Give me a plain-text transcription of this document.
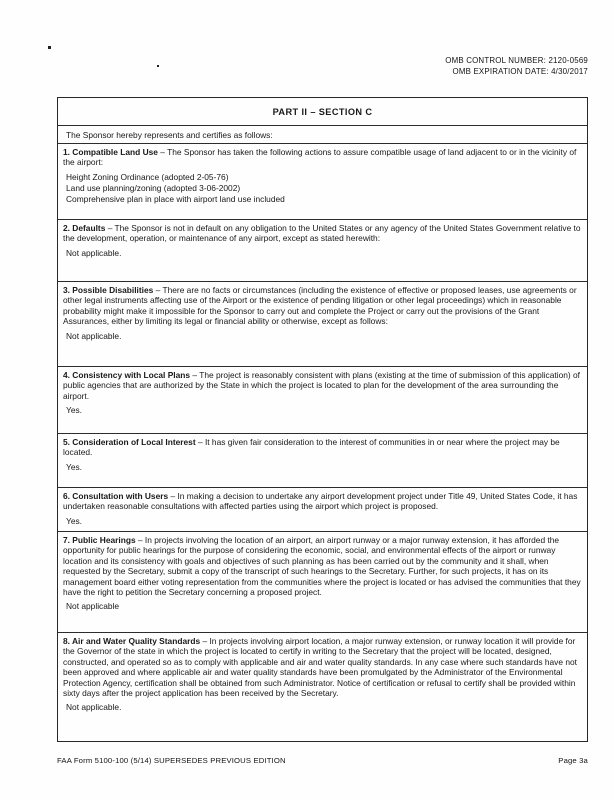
OMB CONTROL NUMBER: 2120-0569
OMB EXPIRATION DATE: 4/30/2017
PART II – SECTION C
The Sponsor hereby represents and certifies as follows:

1. Compatible Land Use – The Sponsor has taken the following actions to assure compatible usage of land adjacent to or in the vicinity of the airport:

Height Zoning Ordinance (adopted 2-05-76)
Land use planning/zoning (adopted 3-06-2002)
Comprehensive plan in place with airport land use included

2. Defaults – The Sponsor is not in default on any obligation to the United States or any agency of the United States Government relative to the development, operation, or maintenance of any airport, except as stated herewith:

Not applicable.

3. Possible Disabilities – There are no facts or circumstances (including the existence of effective or proposed leases, use agreements or other legal instruments affecting use of the Airport or the existence of pending litigation or other legal proceedings) which in reasonable probability might make it impossible for the Sponsor to carry out and complete the Project or carry out the provisions of the Grant Assurances, either by limiting its legal or financial ability or otherwise, except as follows:

Not applicable.

4. Consistency with Local Plans – The project is reasonably consistent with plans (existing at the time of submission of this application) of public agencies that are authorized by the State in which the project is located to plan for the development of the area surrounding the airport.

Yes.

5. Consideration of Local Interest – It has given fair consideration to the interest of communities in or near where the project may be located.

Yes.

6. Consultation with Users – In making a decision to undertake any airport development project under Title 49, United States Code, it has undertaken reasonable consultations with affected parties using the airport which project is proposed.

Yes.

7. Public Hearings – In projects involving the location of an airport, an airport runway or a major runway extension, it has afforded the opportunity for public hearings for the purpose of considering the economic, social, and environmental effects of the airport or runway location and its consistency with goals and objectives of such planning as has been carried out by the community and it shall, when requested by the Secretary, submit a copy of the transcript of such hearings to the Secretary. Further, for such projects, it has on its management board either voting representation from the communities where the project is located or has advised the communities that they have the right to petition the Secretary concerning a proposed project.

Not applicable

8. Air and Water Quality Standards – In projects involving airport location, a major runway extension, or runway location it will provide for the Governor of the state in which the project is located to certify in writing to the Secretary that the project will be located, designed, constructed, and operated so as to comply with applicable and air and water quality standards. In any case where such standards have not been approved and where applicable air and water quality standards have been promulgated by the Administrator of the Environmental Protection Agency, certification shall be obtained from such Administrator. Notice of certification or refusal to certify shall be provided within sixty days after the project application has been received by the Secretary.

Not applicable.
FAA Form 5100-100 (5/14) SUPERSEDES PREVIOUS EDITION	Page 3a
